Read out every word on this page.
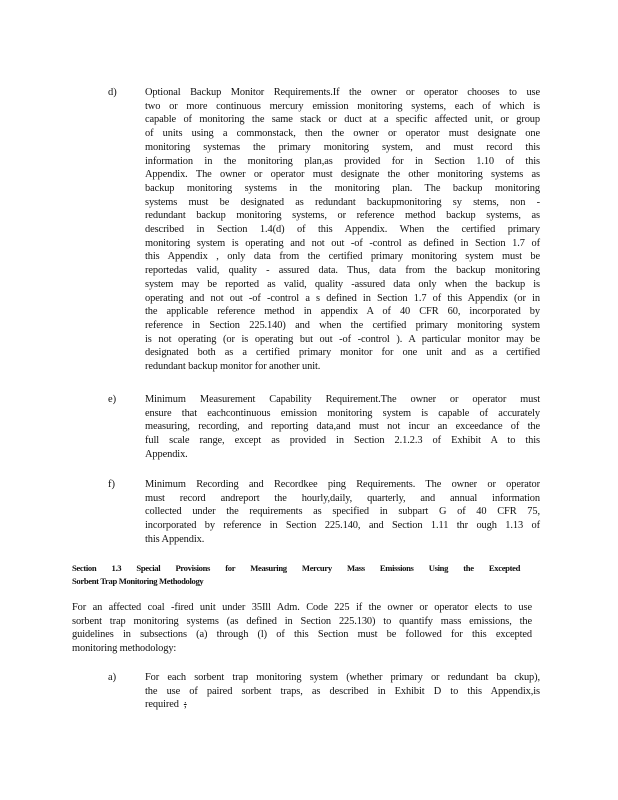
d)	Optional Backup Monitor Requirements.If the owner or operator chooses to use
two or more continuous mercury emission monitoring systems, each of which is
capable of monitoring the same stack or duct at a specific affected unit, or group
of units using a commonstack, then the owner or operator must designate one
monitoring systemas the primary monitoring system, and must record this
information in the monitoring plan,as provided for in Section 1.10 of this
Appendix. The owner or operator must designate the other monitoring systems as
backup monitoring systems in the monitoring plan. The backup monitoring
systems must be designated as redundant backupmonitoring sy stems, non -
redundant backup monitoring systems, or reference method backup systems, as
described in Section 1.4(d) of this Appendix. When the certified primary
monitoring system is operating and not out -of -control as defined in Section 1.7 of
this Appendix , only data from the certified primary monitoring system must be
reportedas valid, quality - assured data. Thus, data from the backup monitoring
system may be reported as valid, quality -assured data only when the backup is
operating and not out -of -control a s defined in Section 1.7 of this Appendix (or in
the applicable reference method in appendix A of 40 CFR 60, incorporated by
reference in Section 225.140) and when the certified primary monitoring system
is not operating (or is operating but out -of -control ). A particular monitor may be
designated both as a certified primary monitor for one unit and as a certified
redundant backup monitor for another unit.
e)	Minimum Measurement Capability Requirement.The owner or operator must
ensure that eachcontinuous emission monitoring system is capable of accurately
measuring, recording, and reporting data,and must not incur an exceedance of the
full scale range, except as provided in Section 2.1.2.3 of Exhibit A to this
Appendix.
f)	Minimum Recording and Recordkee ping Requirements. The owner or operator
must record andreport the hourly,daily, quarterly, and annual information
collected under the requirements as specified in subpart G of 40 CFR 75,
incorporated by reference in Section 225.140, and Section 1.11 thr ough 1.13 of
this Appendix.
Section 1.3 Special Provisions for Measuring Mercury Mass Emissions Using the Excepted
Sorbent Trap Monitoring Methodology
For an affected coal -fired unit under 35Ill Adm. Code 225 if the owner or operator elects to use
sorbent trap monitoring systems (as defined in Section 225.130) to quantify mass emissions, the
guidelines in subsections (a) through (l) of this Section must be followed for this excepted
monitoring methodology:
a)	For each sorbent trap monitoring system (whether primary or redundant ba ckup),
the use of paired sorbent traps, as described in Exhibit D to this Appendix,is
required ;
